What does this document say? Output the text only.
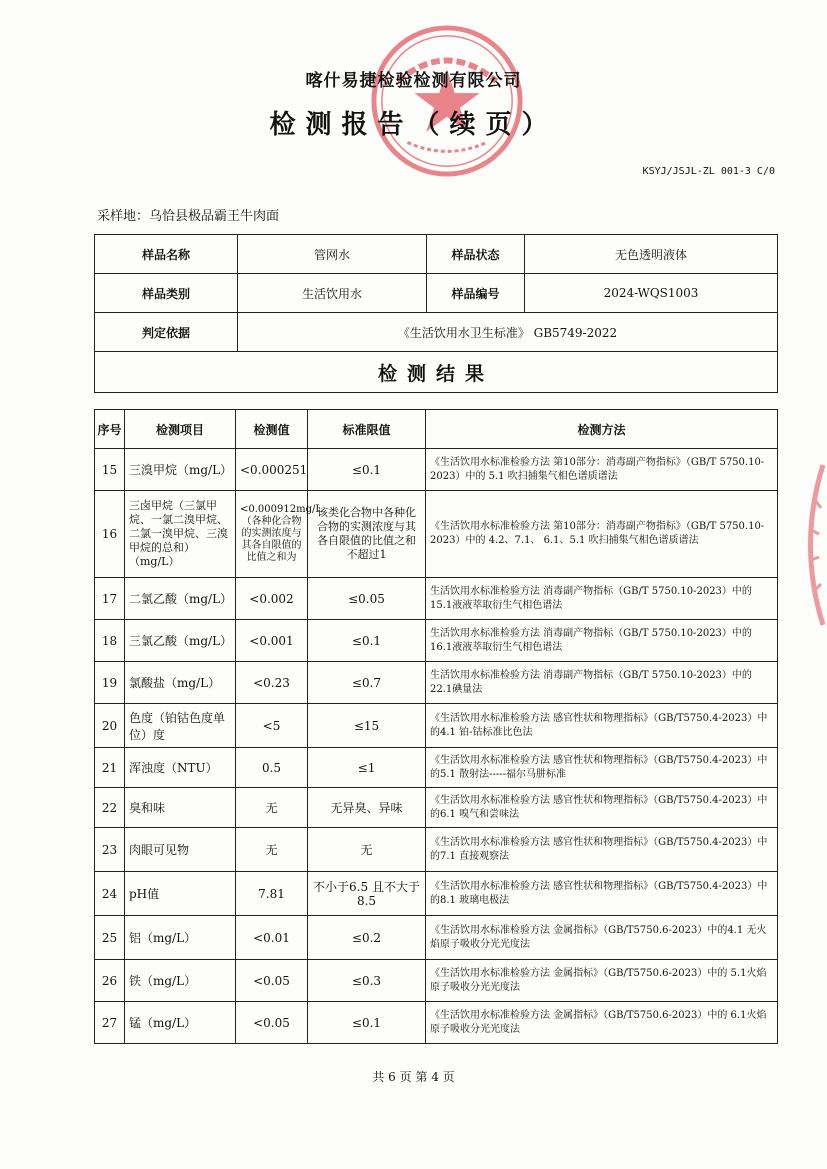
喀什易捷检验检测有限公司
检测报告（续页）
KSYJ/JSJL-ZL 001-3 C/0
采样地：乌恰县极品霸王牛肉面
样品名称	管网水	样品状态	无色透明液体
样品类别	生活饮用水	样品编号	2024-WQS1003
判定依据	《生活饮用水卫生标准》 GB5749-2022		
检测结果			
序号	检测项目	检测值	标准限值	检测方法
15	三溴甲烷（mg/L）	<0.000251	≤0.1	《生活饮用水标准检验方法 第10部分：消毒副产物指标》（GB/T 5750.10-2023）中的 5.1 吹扫捕集气相色谱质谱法
16	三卤甲烷（三氯甲烷、一氯二溴甲烷、二氯一溴甲烷、三溴甲烷的总和）（mg/L）	<0.000912mg/L（各种化合物的实测浓度与其各自限值的比值之和为	该类化合物中各种化合物的实测浓度与其各自限值的比值之和不超过1	《生活饮用水标准检验方法 第10部分：消毒副产物指标》（GB/T 5750.10-2023）中的 4.2、7.1、 6.1、5.1 吹扫捕集气相色谱质谱法
17	二氯乙酸（mg/L）	<0.002	≤0.05	生活饮用水标准检验方法 消毒副产物指标（GB/T 5750.10-2023）中的15.1液液萃取衍生气相色谱法
18	三氯乙酸（mg/L）	<0.001	≤0.1	生活饮用水标准检验方法 消毒副产物指标（GB/T 5750.10-2023）中的16.1液液萃取衍生气相色谱法
19	氯酸盐（mg/L）	<0.23	≤0.7	生活饮用水标准检验方法 消毒副产物指标（GB/T 5750.10-2023）中的22.1碘量法
20	色度（铂钴色度单位）度	<5	≤15	《生活饮用水标准检验方法 感官性状和物理指标》（GB/T5750.4-2023）中的4.1 铂-钴标准比色法
21	浑浊度（NTU）	0.5	≤1	《生活饮用水标准检验方法 感官性状和物理指标》（GB/T5750.4-2023）中的5.1 散射法-----福尔马肼标准
22	臭和味	无	无异臭、异味	《生活饮用水标准检验方法 感官性状和物理指标》（GB/T5750.4-2023）中的6.1 嗅气和尝味法
23	肉眼可见物	无	无	《生活饮用水标准检验方法 感官性状和物理指标》（GB/T5750.4-2023）中的7.1 直接观察法
24	pH值	7.81	不小于6.5 且不大于8.5	《生活饮用水标准检验方法 感官性状和物理指标》（GB/T5750.4-2023）中的8.1 玻璃电极法
25	铝（mg/L）	<0.01	≤0.2	《生活饮用水标准检验方法 金属指标》（GB/T5750.6-2023）中的4.1 无火焰原子吸收分光光度法
26	铁（mg/L）	<0.05	≤0.3	《生活饮用水标准检验方法 金属指标》（GB/T5750.6-2023）中的 5.1火焰原子吸收分光光度法
27	锰（mg/L）	<0.05	≤0.1	《生活饮用水标准检验方法 金属指标》（GB/T5750.6-2023）中的 6.1火焰原子吸收分光光度法
共 6 页 第 4 页
